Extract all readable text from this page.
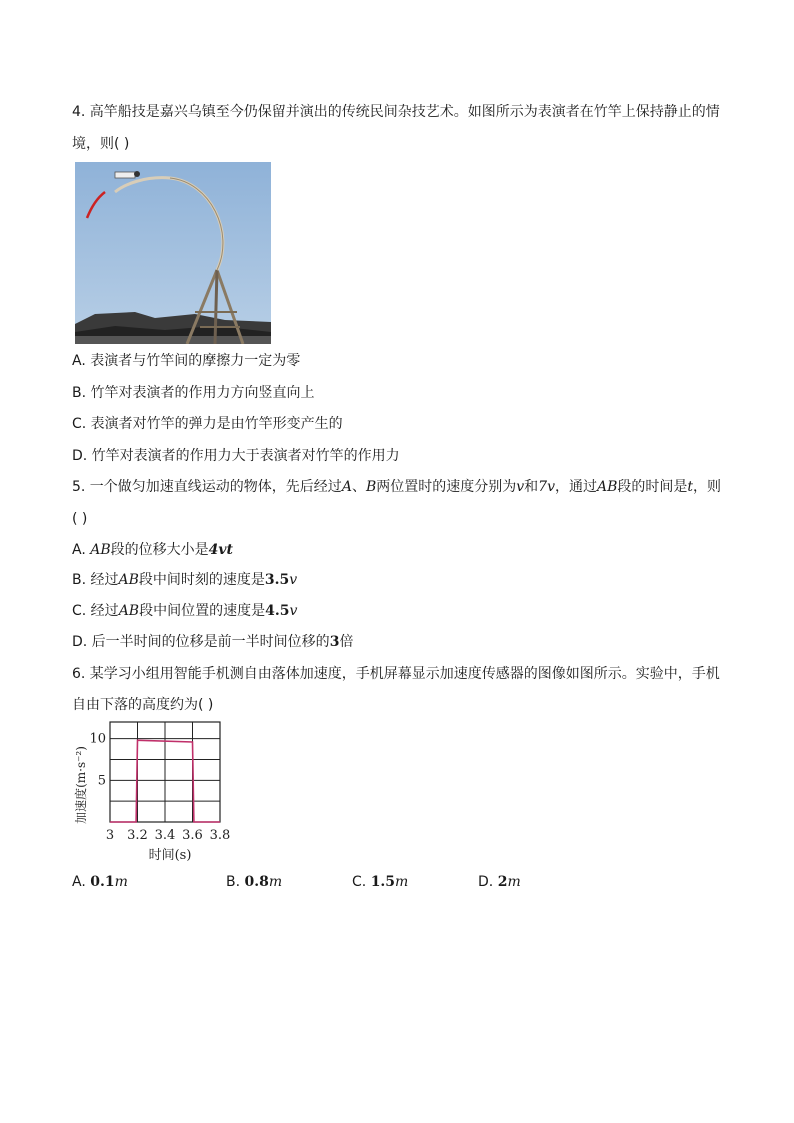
4. 高竿船技是嘉兴乌镇至今仍保留并演出的传统民间杂技艺术。如图所示为表演者在竹竿上保持静止的情
境，则( )
A. 表演者与竹竿间的摩擦力一定为零
B. 竹竿对表演者的作用力方向竖直向上
C. 表演者对竹竿的弹力是由竹竿形变产生的
D. 竹竿对表演者的作用力大于表演者对竹竿的作用力
5. 一个做匀加速直线运动的物体，先后经过A、B两位置时的速度分别为v和7v，通过AB段的时间是t，则
( )
A. AB段的位移大小是4vt
B. 经过AB段中间时刻的速度是3.5v
C. 经过AB段中间位置的速度是4.5v
D. 后一半时间的位移是前一半时间位移的3倍
6. 某学习小组用智能手机测自由落体加速度，手机屏幕显示加速度传感器的图像如图所示。实验中，手机
自由下落的高度约为( )
3 3.2 3.4 3.6 3.8
5
10
加速度(m·s⁻²)
时间(s)
A. 0.1m	B. 0.8m	C. 1.5m	D. 2m
